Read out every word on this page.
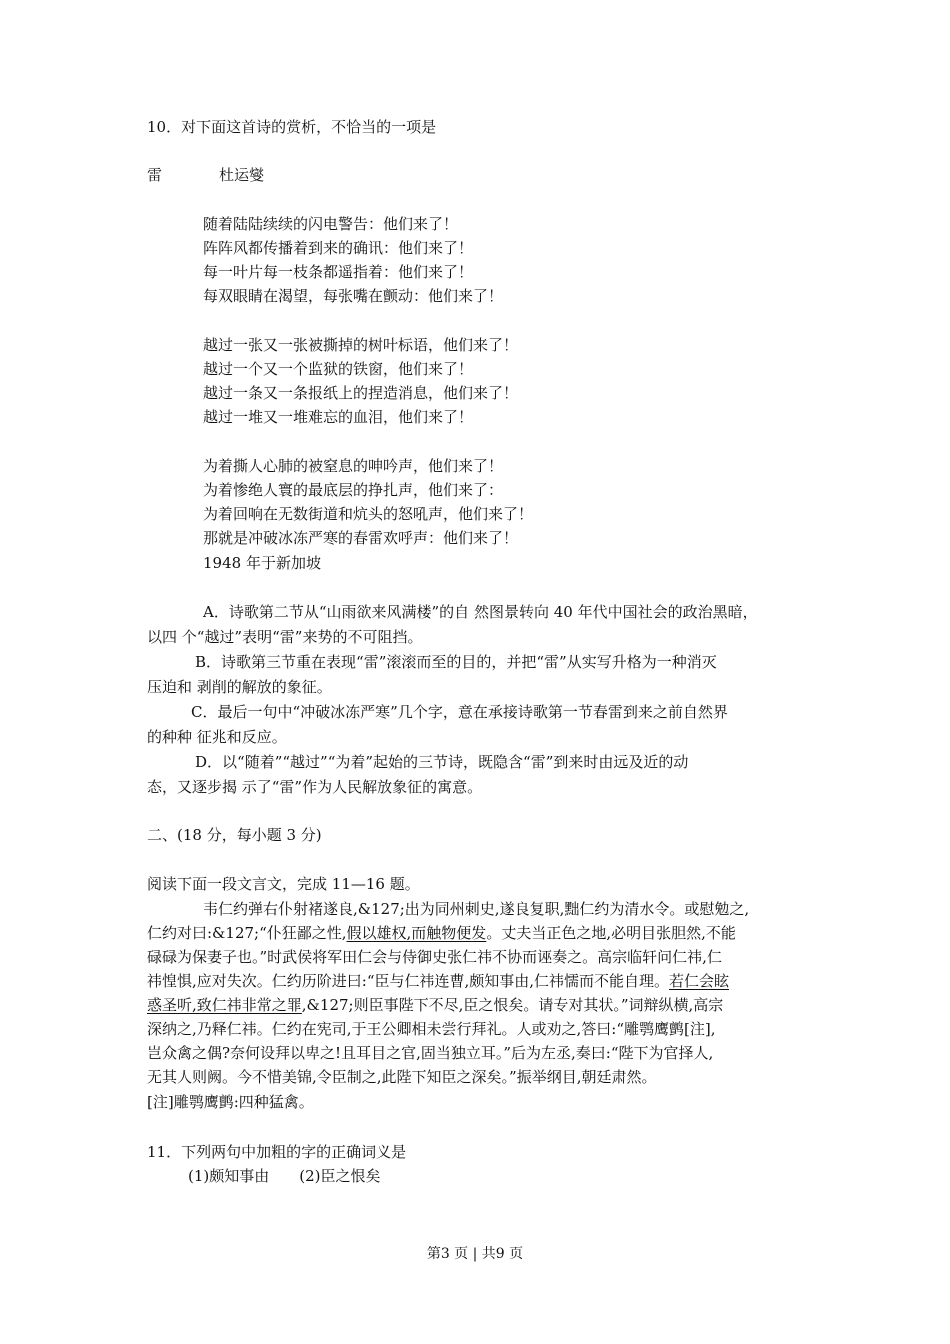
10．对下面这首诗的赏析，不恰当的一项是
雷	杜运燮
随着陆陆续续的闪电警告：他们来了！
阵阵风都传播着到来的确讯：他们来了！
每一叶片每一枝条都遥指着：他们来了！
每双眼睛在渴望，每张嘴在颤动：他们来了！
越过一张又一张被撕掉的树叶标语，他们来了！
越过一个又一个监狱的铁窗，他们来了！
越过一条又一条报纸上的捏造消息，他们来了！
越过一堆又一堆难忘的血泪，他们来了！
为着撕人心肺的被窒息的呻吟声，他们来了！
为着惨绝人寰的最底层的挣扎声，他们来了：
为着回响在无数街道和炕头的怒吼声，他们来了！
那就是冲破冰冻严寒的春雷欢呼声：他们来了！
1948 年于新加坡
A．诗歌第二节从“山雨欲来风满楼”的自 然图景转向 40 年代中国社会的政治黑暗，
以四 个“越过”表明“雷”来势的不可阻挡。
B．诗歌第三节重在表现“雷”滚滚而至的目的，并把“雷”从实写升格为一种消灭
压迫和 剥削的解放的象征。
C．最后一句中“冲破冰冻严寒”几个字，意在承接诗歌第一节春雷到来之前自然界
的种种 征兆和反应。
D．以“随着”“越过”“为着”起始的三节诗，既隐含“雷”到来时由远及近的动
态，又逐步揭 示了“雷”作为人民解放象征的寓意。
二、(18 分，每小题 3 分)
阅读下面一段文言文，完成 11—16 题。
韦仁约弹右仆射褚遂良,&127;出为同州刺史,遂良复职,黜仁约为清水令。或慰勉之,
仁约对曰:&127;“仆狂鄙之性,假以雄权,而触物便发。丈夫当正色之地,必明目张胆然,不能
碌碌为保妻子也。”时武侯将军田仁会与侍御史张仁祎不协而诬奏之。高宗临轩问仁祎,仁
祎惶惧,应对失次。仁约历阶进曰:“臣与仁祎连曹,颇知事由,仁祎懦而不能自理。若仁会眩
惑圣听,致仁祎非常之罪,&127;则臣事陛下不尽,臣之恨矣。请专对其状。”词辩纵横,高宗
深纳之,乃释仁祎。仁约在宪司,于王公卿相未尝行拜礼。人或劝之,答曰:“雕鹗鹰鹯[注],
岂众禽之偶?奈何设拜以卑之!且耳目之官,固当独立耳。”后为左丞,奏曰:“陛下为官择人,
无其人则阙。今不惜美锦,令臣制之,此陛下知臣之深矣。”振举纲目,朝廷肃然。
[注]雕鹗鹰鹯:四种猛禽。
11．下列两句中加粗的字的正确词义是
(1)颇知事由　　(2)臣之恨矣
第3 页 | 共9 页
